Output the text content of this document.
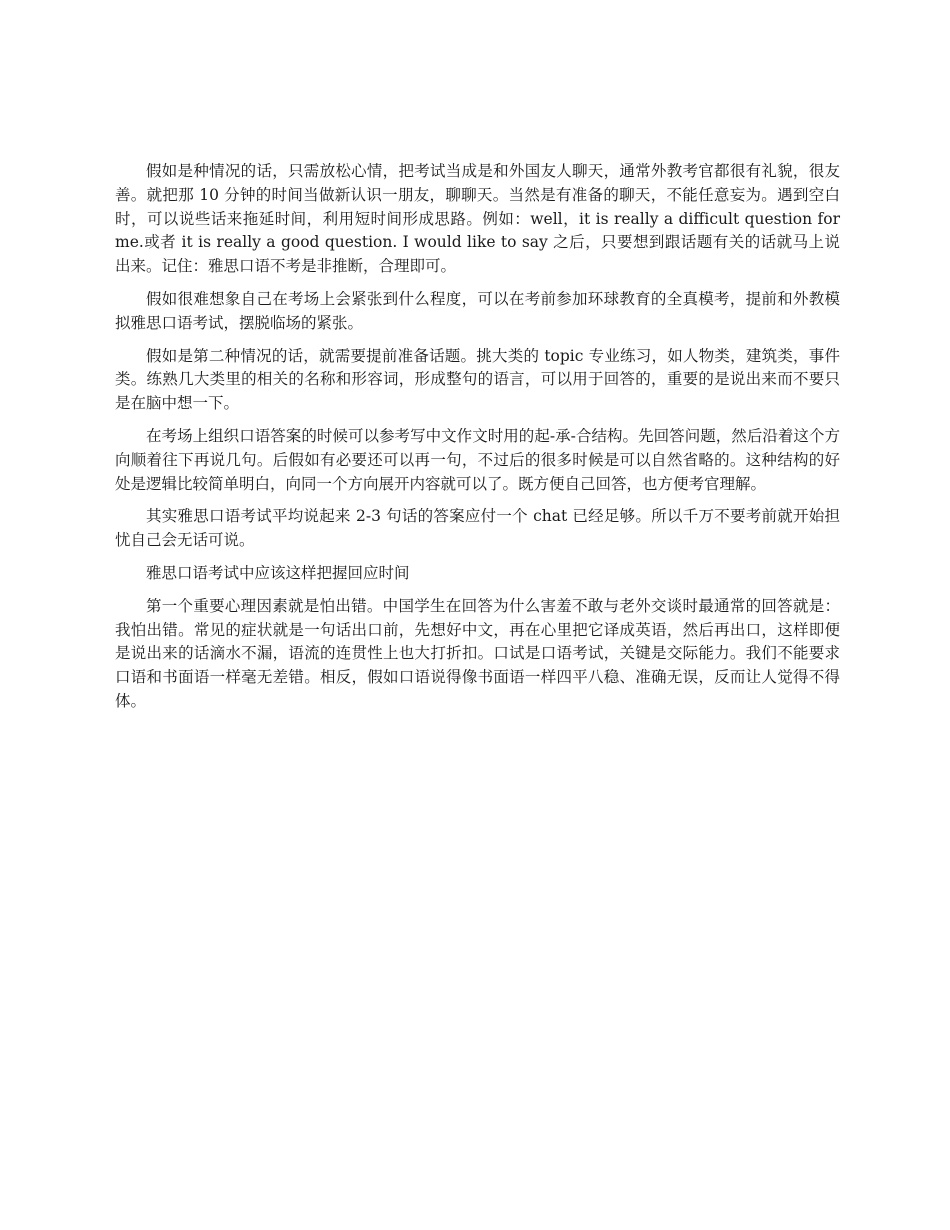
假如是种情况的话，只需放松心情，把考试当成是和外国友人聊天，通常外教考官都很有礼貌，很友善。就把那 10 分钟的时间当做新认识一朋友，聊聊天。当然是有准备的聊天，不能任意妄为。遇到空白时，可以说些话来拖延时间，利用短时间形成思路。例如：well，it is really a difficult question for me.或者 it is really a good question. I would like to say 之后，只要想到跟话题有关的话就马上说出来。记住：雅思口语不考是非推断，合理即可。

假如很难想象自己在考场上会紧张到什么程度，可以在考前参加环球教育的全真模考，提前和外教模拟雅思口语考试，摆脱临场的紧张。

假如是第二种情况的话，就需要提前准备话题。挑大类的 topic 专业练习，如人物类，建筑类，事件类。练熟几大类里的相关的名称和形容词，形成整句的语言，可以用于回答的，重要的是说出来而不要只是在脑中想一下。

在考场上组织口语答案的时候可以参考写中文作文时用的起-承-合结构。先回答问题，然后沿着这个方向顺着往下再说几句。后假如有必要还可以再一句，不过后的很多时候是可以自然省略的。这种结构的好处是逻辑比较简单明白，向同一个方向展开内容就可以了。既方便自己回答，也方便考官理解。

其实雅思口语考试平均说起来 2-3 句话的答案应付一个 chat 已经足够。所以千万不要考前就开始担忧自己会无话可说。

雅思口语考试中应该这样把握回应时间

第一个重要心理因素就是怕出错。中国学生在回答为什么害羞不敢与老外交谈时最通常的回答就是：我怕出错。常见的症状就是一句话出口前，先想好中文，再在心里把它译成英语，然后再出口，这样即便是说出来的话滴水不漏，语流的连贯性上也大打折扣。口试是口语考试，关键是交际能力。我们不能要求口语和书面语一样毫无差错。相反，假如口语说得像书面语一样四平八稳、准确无误，反而让人觉得不得体。
